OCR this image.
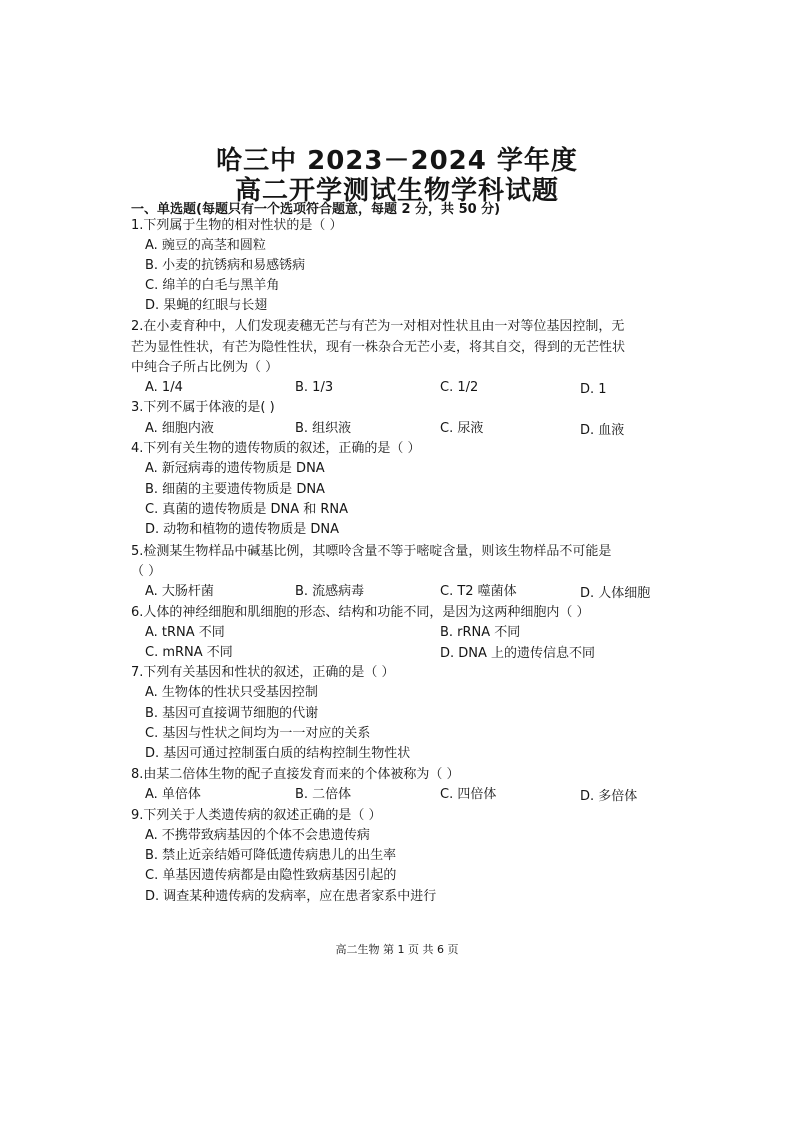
哈三中 2023－2024 学年度
高二开学测试生物学科试题
一、单选题(每题只有一个选项符合题意，每题 2 分，共 50 分)
1.下列属于生物的相对性状的是（ ）
A. 豌豆的高茎和圆粒
B. 小麦的抗锈病和易感锈病
C. 绵羊的白毛与黑羊角
D. 果蝇的红眼与长翅
2.在小麦育种中，人们发现麦穗无芒与有芒为一对相对性状且由一对等位基因控制，无
芒为显性性状，有芒为隐性性状，现有一株杂合无芒小麦，将其自交，得到的无芒性状
中纯合子所占比例为（ ）
A. 1/4	B. 1/3	C. 1/2	D. 1
3.下列不属于体液的是( )
A. 细胞内液	B. 组织液	C. 尿液	D. 血液
4.下列有关生物的遗传物质的叙述，正确的是（ ）
A. 新冠病毒的遗传物质是 DNA
B. 细菌的主要遗传物质是 DNA
C. 真菌的遗传物质是 DNA 和 RNA
D. 动物和植物的遗传物质是 DNA
5.检测某生物样品中碱基比例，其嘌呤含量不等于嘧啶含量，则该生物样品不可能是
（ ）
A. 大肠杆菌	B. 流感病毒	C. T2 噬菌体	D. 人体细胞
6.人体的神经细胞和肌细胞的形态、结构和功能不同，是因为这两种细胞内（ ）
A. tRNA 不同	B. rRNA 不同
C. mRNA 不同	D. DNA 上的遗传信息不同
7.下列有关基因和性状的叙述，正确的是（ ）
A. 生物体的性状只受基因控制
B. 基因可直接调节细胞的代谢
C. 基因与性状之间均为一一对应的关系
D. 基因可通过控制蛋白质的结构控制生物性状
8.由某二倍体生物的配子直接发育而来的个体被称为（ ）
A. 单倍体	B. 二倍体	C. 四倍体	D. 多倍体
9.下列关于人类遗传病的叙述正确的是（ ）
A. 不携带致病基因的个体不会患遗传病
B. 禁止近亲结婚可降低遗传病患儿的出生率
C. 单基因遗传病都是由隐性致病基因引起的
D. 调查某种遗传病的发病率，应在患者家系中进行
高二生物 第 1 页 共 6 页
